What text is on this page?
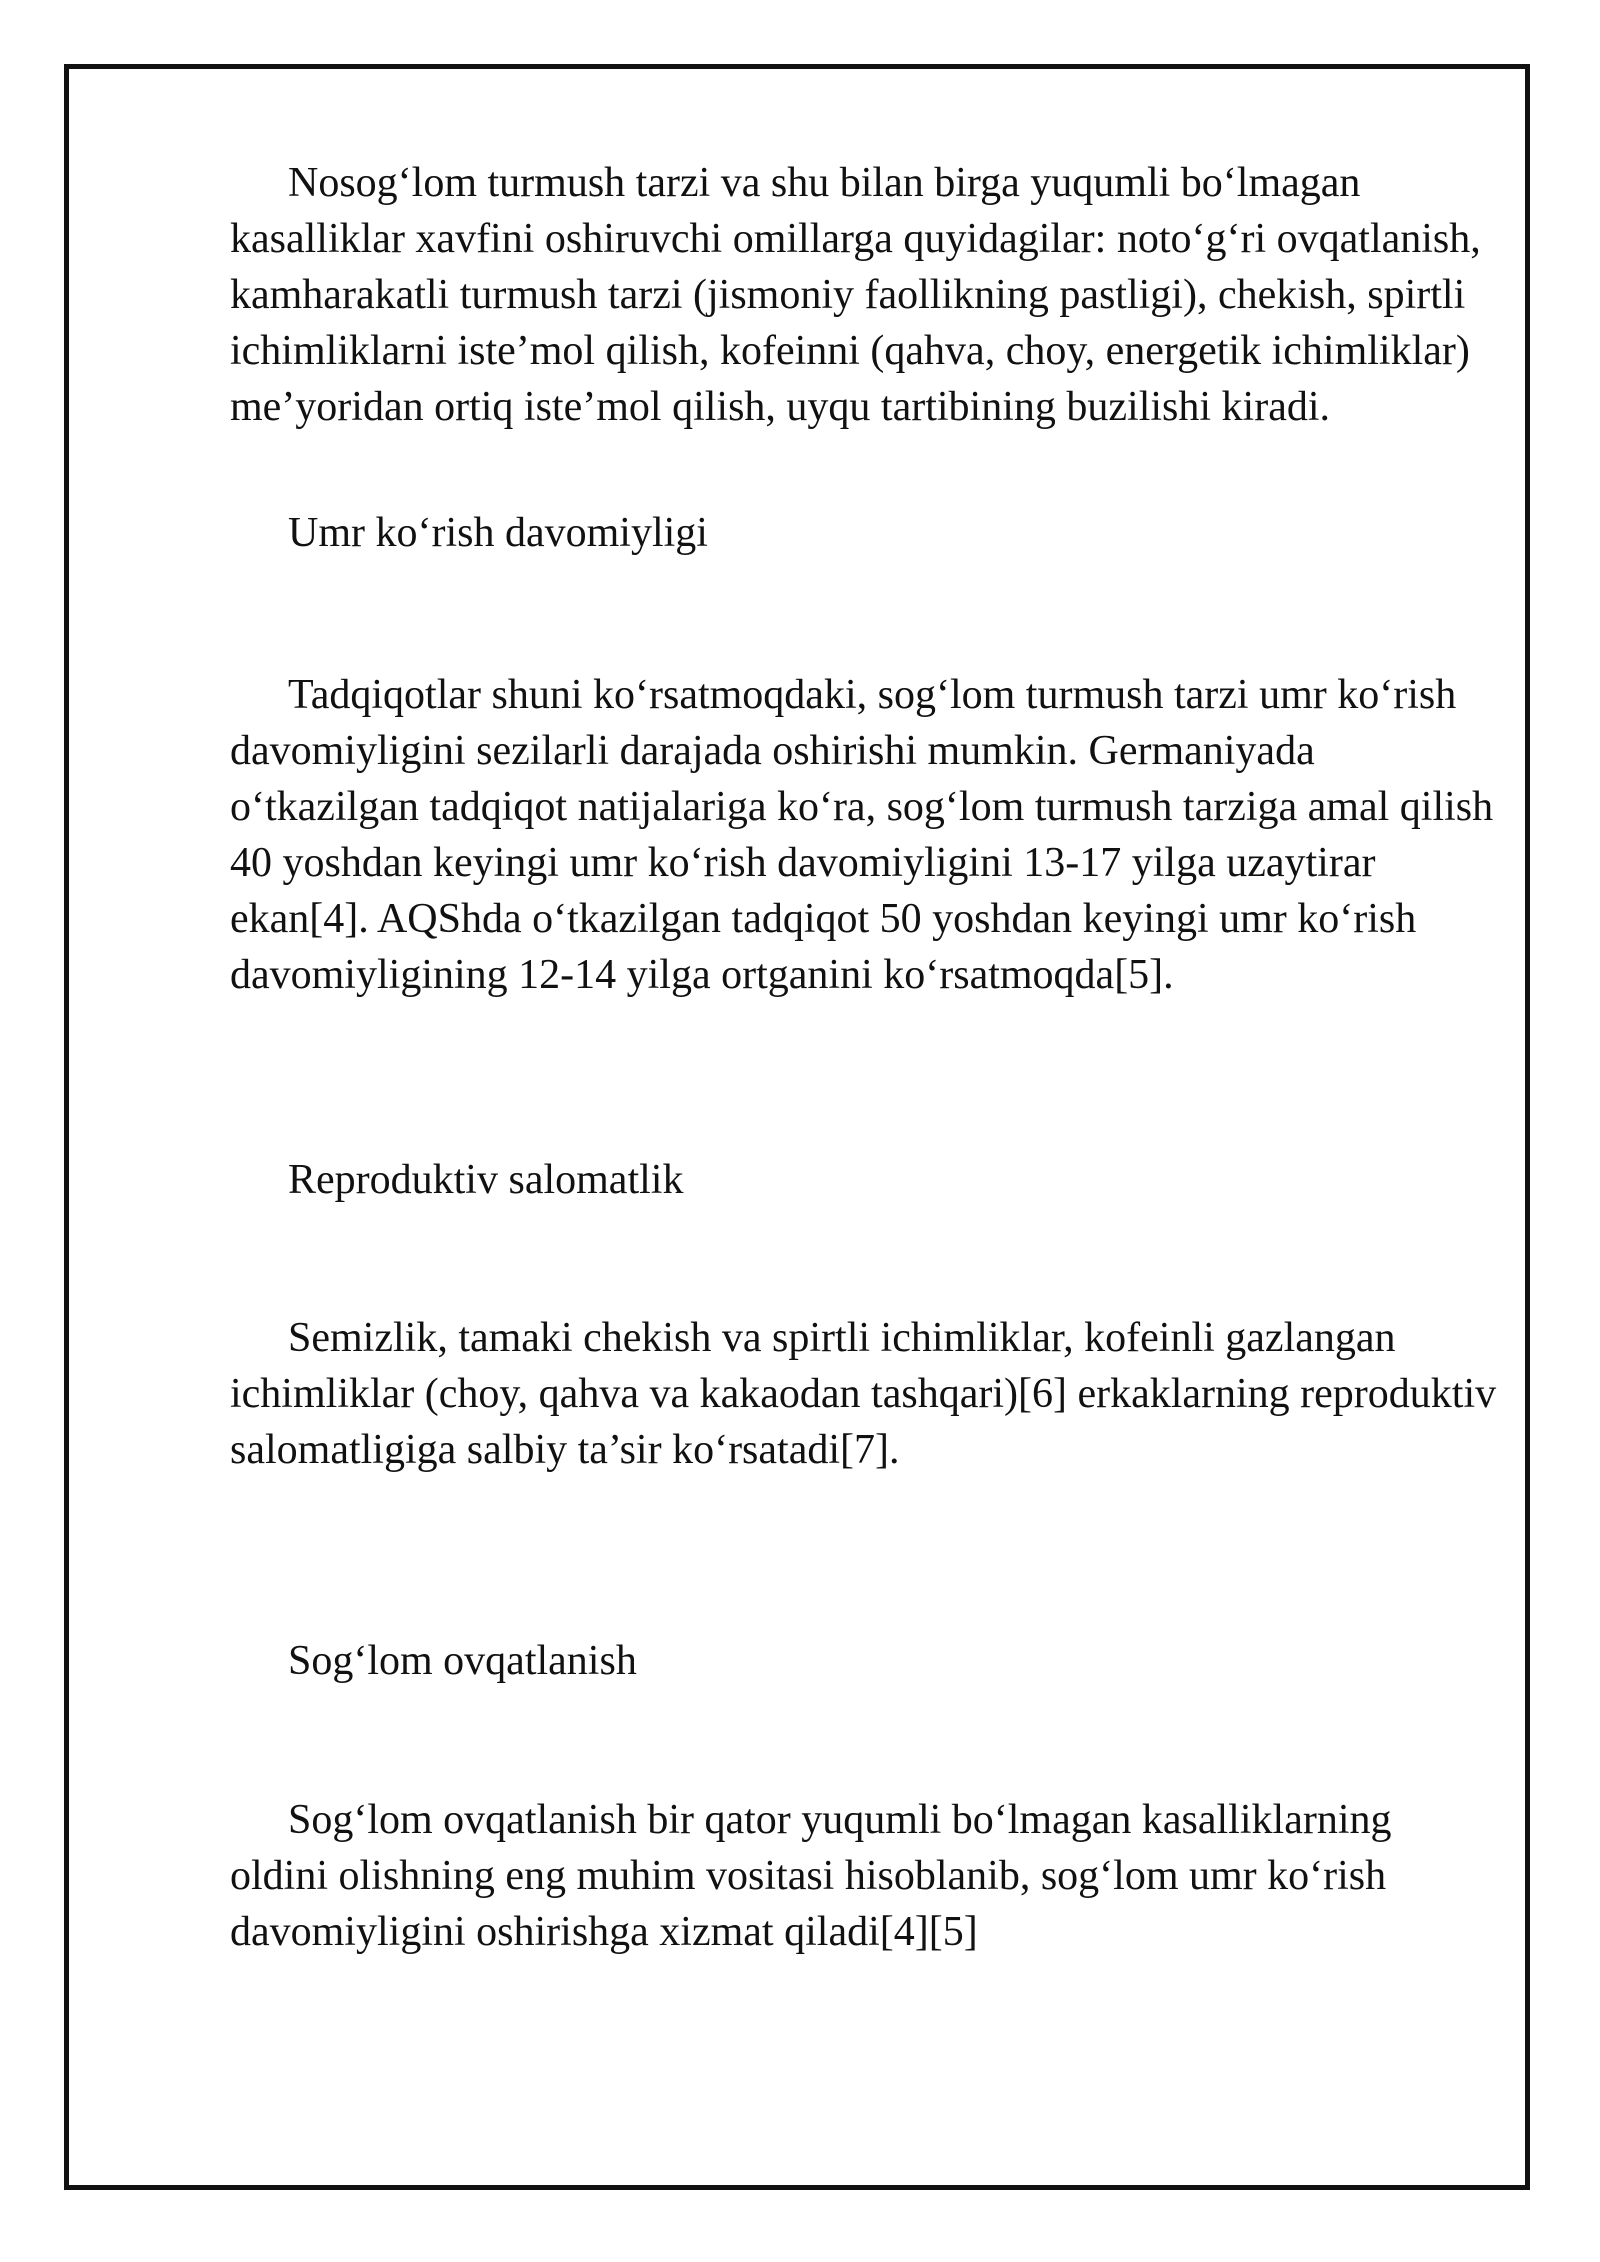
Nosog‘lom turmush tarzi va shu bilan birga yuqumli bo‘lmagan kasalliklar xavfini oshiruvchi omillarga quyidagilar: noto‘g‘ri ovqatlanish, kamharakatli turmush tarzi (jismoniy faollikning pastligi), chekish, spirtli ichimliklarni iste’mol qilish, kofeinni (qahva, choy, energetik ichimliklar) me’yoridan ortiq iste’mol qilish, uyqu tartibining buzilishi kiradi.

Umr ko‘rish davomiyligi

Tadqiqotlar shuni ko‘rsatmoqdaki, sog‘lom turmush tarzi umr ko‘rish davomiyligini sezilarli darajada oshirishi mumkin. Germaniyada o‘tkazilgan tadqiqot natijalariga ko‘ra, sog‘lom turmush tarziga amal qilish 40 yoshdan keyingi umr ko‘rish davomiyligini 13-17 yilga uzaytirar ekan[4]. AQShda o‘tkazilgan tadqiqot 50 yoshdan keyingi umr ko‘rish davomiyligining 12-14 yilga ortganini ko‘rsatmoqda[5].

Reproduktiv salomatlik

Semizlik, tamaki chekish va spirtli ichimliklar, kofeinli gazlangan ichimliklar (choy, qahva va kakaodan tashqari)[6] erkaklarning reproduktiv salomatligiga salbiy ta’sir ko‘rsatadi[7].

Sog‘lom ovqatlanish

Sog‘lom ovqatlanish bir qator yuqumli bo‘lmagan kasalliklarning oldini olishning eng muhim vositasi hisoblanib, sog‘lom umr ko‘rish davomiyligini oshirishga xizmat qiladi[4][5]
